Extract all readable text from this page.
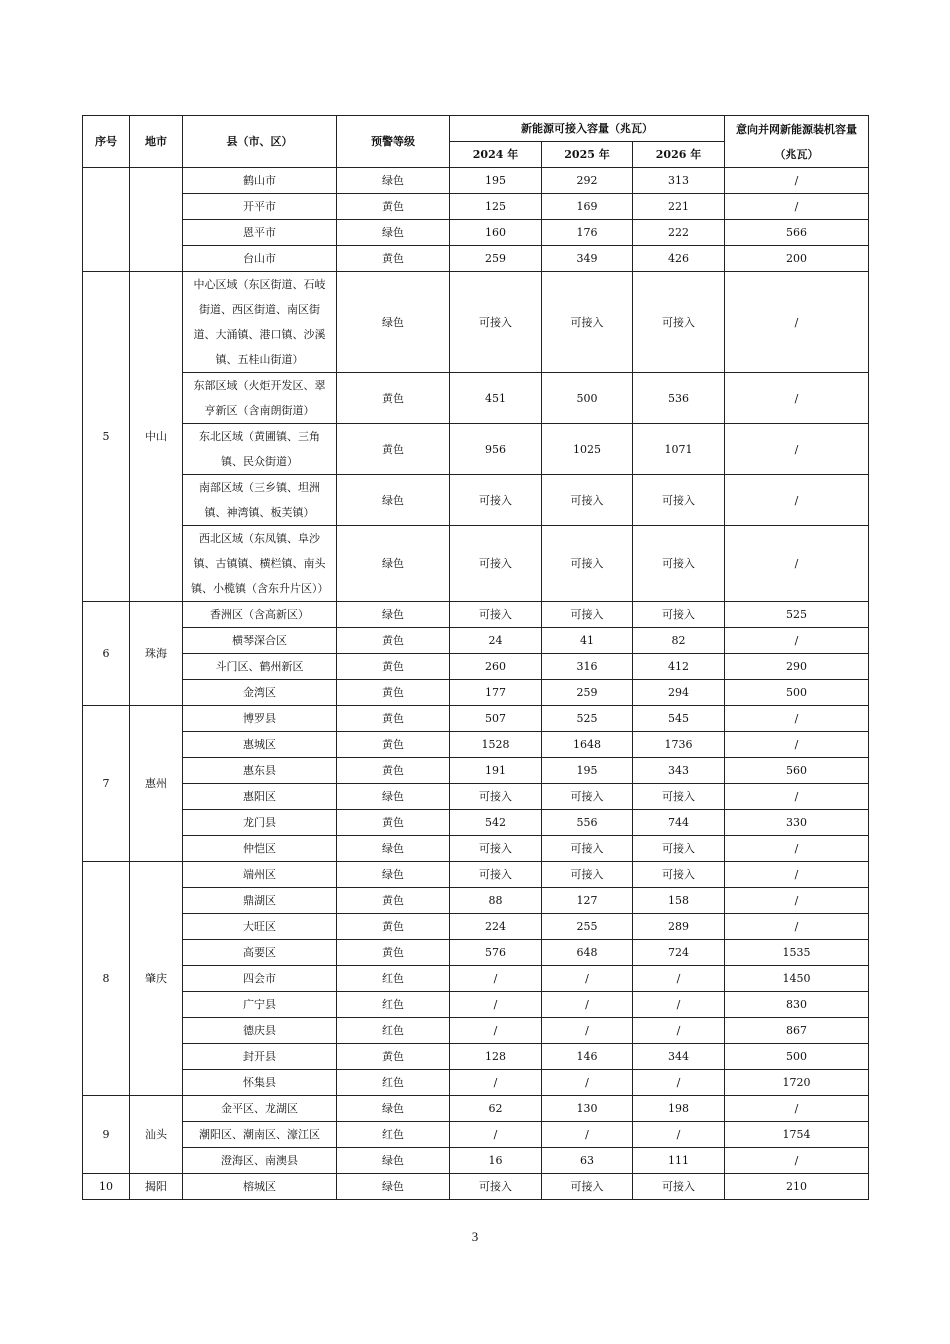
序号	地市	县（市、区）	预警等级	新能源可接入容量（兆瓦）			意向并网新能源装机容量（兆瓦）
				2024 年	2025 年	2026 年	
		鹤山市	绿色	195	292	313	/
		开平市	黄色	125	169	221	/
		恩平市	绿色	160	176	222	566
		台山市	黄色	259	349	426	200
5	中山	中心区域（东区街道、石岐街道、西区街道、南区街道、大涌镇、港口镇、沙溪镇、五桂山街道）	绿色	可接入	可接入	可接入	/
		东部区域（火炬开发区、翠亨新区（含南朗街道）	黄色	451	500	536	/
		东北区域（黄圃镇、三角镇、民众街道）	黄色	956	1025	1071	/
		南部区域（三乡镇、坦洲镇、神湾镇、板芙镇）	绿色	可接入	可接入	可接入	/
		西北区域（东凤镇、阜沙镇、古镇镇、横栏镇、南头镇、小榄镇（含东升片区））	绿色	可接入	可接入	可接入	/
6	珠海	香洲区（含高新区）	绿色	可接入	可接入	可接入	525
		横琴深合区	黄色	24	41	82	/
		斗门区、鹤州新区	黄色	260	316	412	290
		金湾区	黄色	177	259	294	500
7	惠州	博罗县	黄色	507	525	545	/
		惠城区	黄色	1528	1648	1736	/
		惠东县	黄色	191	195	343	560
		惠阳区	绿色	可接入	可接入	可接入	/
		龙门县	黄色	542	556	744	330
		仲恺区	绿色	可接入	可接入	可接入	/
8	肇庆	端州区	绿色	可接入	可接入	可接入	/
		鼎湖区	黄色	88	127	158	/
		大旺区	黄色	224	255	289	/
		高要区	黄色	576	648	724	1535
		四会市	红色	/	/	/	1450
		广宁县	红色	/	/	/	830
		德庆县	红色	/	/	/	867
		封开县	黄色	128	146	344	500
		怀集县	红色	/	/	/	1720
9	汕头	金平区、龙湖区	绿色	62	130	198	/
		潮阳区、潮南区、濠江区	红色	/	/	/	1754
		澄海区、南澳县	绿色	16	63	111	/
10	揭阳	榕城区	绿色	可接入	可接入	可接入	210
3
